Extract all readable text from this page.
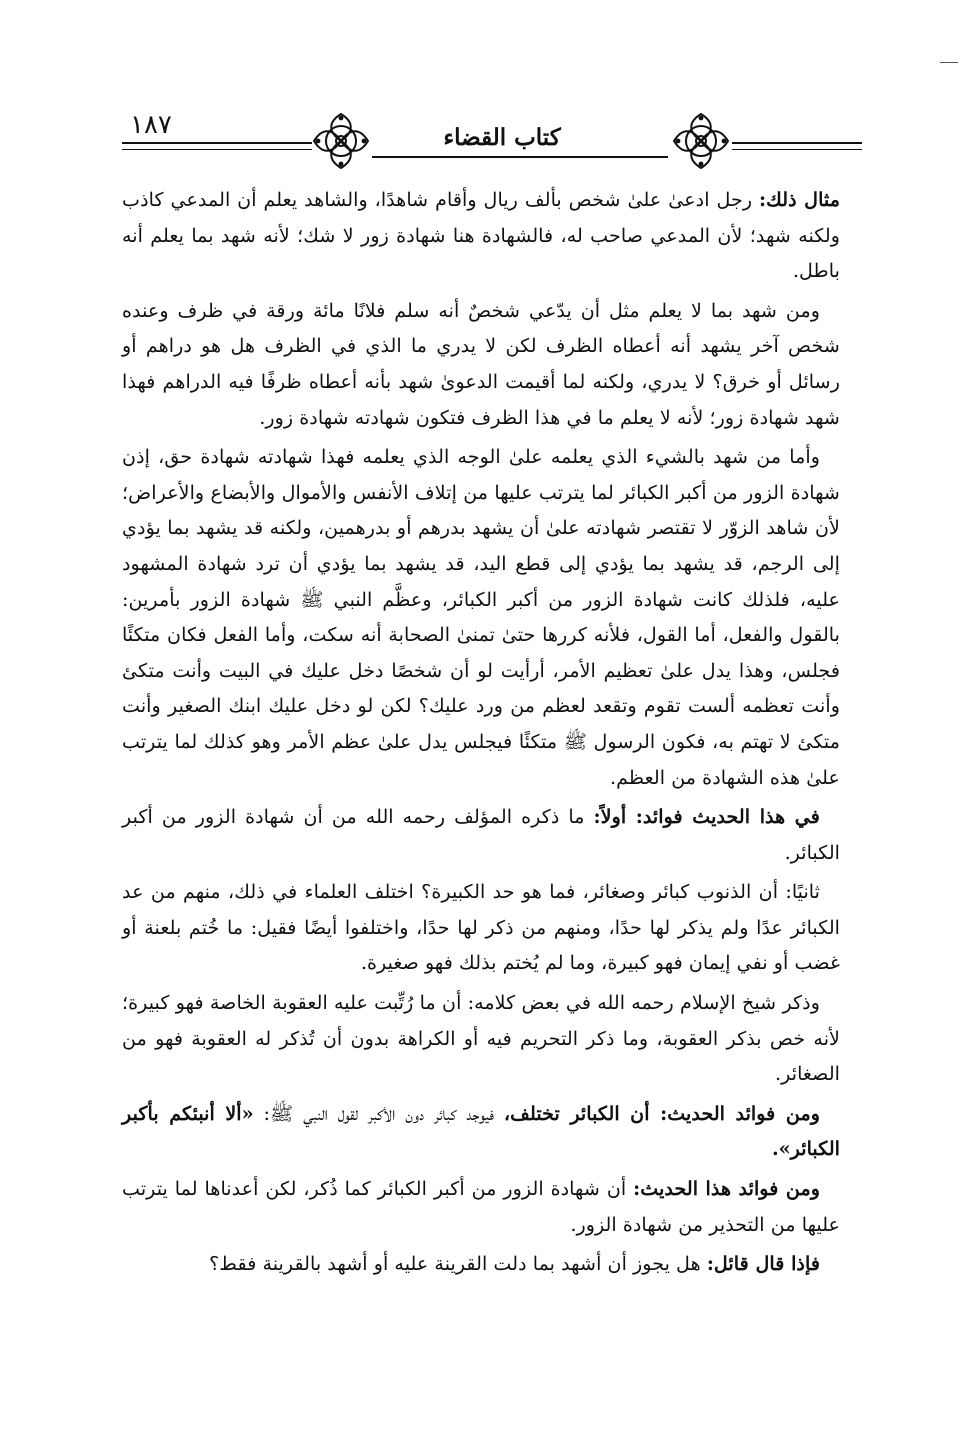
١٨٧	كتاب القضاء

مثال ذلك: رجل ادعىٰ علىٰ شخص بألف ريال وأقام شاهدًا، والشاهد يعلم أن المدعي كاذب ولكنه شهد؛ لأن المدعي صاحب له، فالشهادة هنا شهادة زور لا شك؛ لأنه شهد بما يعلم أنه باطل.

ومن شهد بما لا يعلم مثل أن يدّعي شخصٌ أنه سلم فلانًا مائة ورقة في ظرف وعنده شخص آخر يشهد أنه أعطاه الظرف لكن لا يدري ما الذي في الظرف هل هو دراهم أو رسائل أو خرق؟ لا يدري، ولكنه لما أقيمت الدعوىٰ شهد بأنه أعطاه ظرفًا فيه الدراهم فهذا شهد شهادة زور؛ لأنه لا يعلم ما في هذا الظرف فتكون شهادته شهادة زور.

وأما من شهد بالشيء الذي يعلمه علىٰ الوجه الذي يعلمه فهذا شهادته شهادة حق، إذن شهادة الزور من أكبر الكبائر لما يترتب عليها من إتلاف الأنفس والأموال والأبضاع والأعراض؛ لأن شاهد الزوّر لا تقتصر شهادته علىٰ أن يشهد بدرهم أو بدرهمين، ولكنه قد يشهد بما يؤدي إلى الرجم، قد يشهد بما يؤدي إلى قطع اليد، قد يشهد بما يؤدي أن ترد شهادة المشهود عليه، فلذلك كانت شهادة الزور من أكبر الكبائر، وعظَّم النبي ﷺ شهادة الزور بأمرين: بالقول والفعل، أما القول، فلأنه كررها حتىٰ تمنىٰ الصحابة أنه سكت، وأما الفعل فكان متكئًا فجلس، وهذا يدل علىٰ تعظيم الأمر، أرأيت لو أن شخصًا دخل عليك في البيت وأنت متكئ وأنت تعظمه ألست تقوم وتقعد لعظم من ورد عليك؟ لكن لو دخل عليك ابنك الصغير وأنت متكئ لا تهتم به، فكون الرسول ﷺ متكئًا فيجلس يدل علىٰ عظم الأمر وهو كذلك لما يترتب علىٰ هذه الشهادة من العظم.

في هذا الحديث فوائد: أولاً: ما ذكره المؤلف رحمه الله من أن شهادة الزور من أكبر الكبائر.

ثانيًا: أن الذنوب كبائر وصغائر، فما هو حد الكبيرة؟ اختلف العلماء في ذلك، منهم من عد الكبائر عدًا ولم يذكر لها حدًا، ومنهم من ذكر لها حدًا، واختلفوا أيضًا فقيل: ما خُتم بلعنة أو غضب أو نفي إيمان فهو كبيرة، وما لم يُختم بذلك فهو صغيرة.

وذكر شيخ الإسلام رحمه الله في بعض كلامه: أن ما رُتِّبت عليه العقوبة الخاصة فهو كبيرة؛ لأنه خص بذكر العقوبة، وما ذكر التحريم فيه أو الكراهة بدون أن تُذكر له العقوبة فهو من الصغائر.

ومن فوائد الحديث: أن الكبائر تختلف، فيوجد كبائر دون الأكبر لقول النبي ﷺ: «ألا أنبئكم بأكبر الكبائر».

ومن فوائد هذا الحديث: أن شهادة الزور من أكبر الكبائر كما ذُكر، لكن أعدناها لما يترتب عليها من التحذير من شهادة الزور.

فإذا قال قائل: هل يجوز أن أشهد بما دلت القرينة عليه أو أشهد بالقرينة فقط؟
